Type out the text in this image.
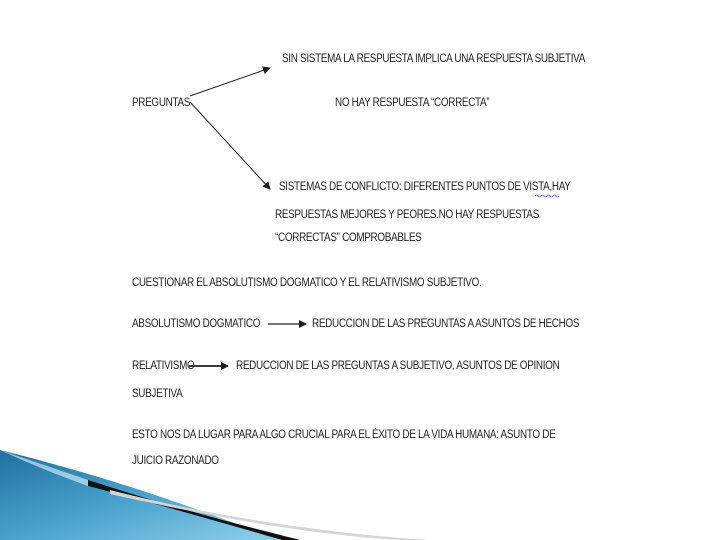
PREGUNTAS

SIN SISTEMA LA RESPUESTA IMPLICA UNA RESPUESTA SUBJETIVA

NO HAY RESPUESTA “CORRECTA”

SISTEMAS DE CONFLICTO: DIFERENTES PUNTOS DE VISTA,HAY

RESPUESTAS MEJORES Y PEORES.NO HAY RESPUESTAS

“CORRECTAS” COMPROBABLES

CUESTIONAR EL ABSOLUTISMO DOGMATICO Y EL RELATIVISMO SUBJETIVO.

ABSOLUTISMO DOGMATICO	REDUCCION DE LAS PREGUNTAS A ASUNTOS DE HECHOS

RELATIVISMO	REDUCCION DE LAS PREGUNTAS A SUBJETIVO, ASUNTOS DE OPINION

SUBJETIVA

ESTO NOS DA LUGAR PARA ALGO CRUCIAL PARA EL ÉXITO DE LA VIDA HUMANA: ASUNTO DE

JUICIO RAZONADO
